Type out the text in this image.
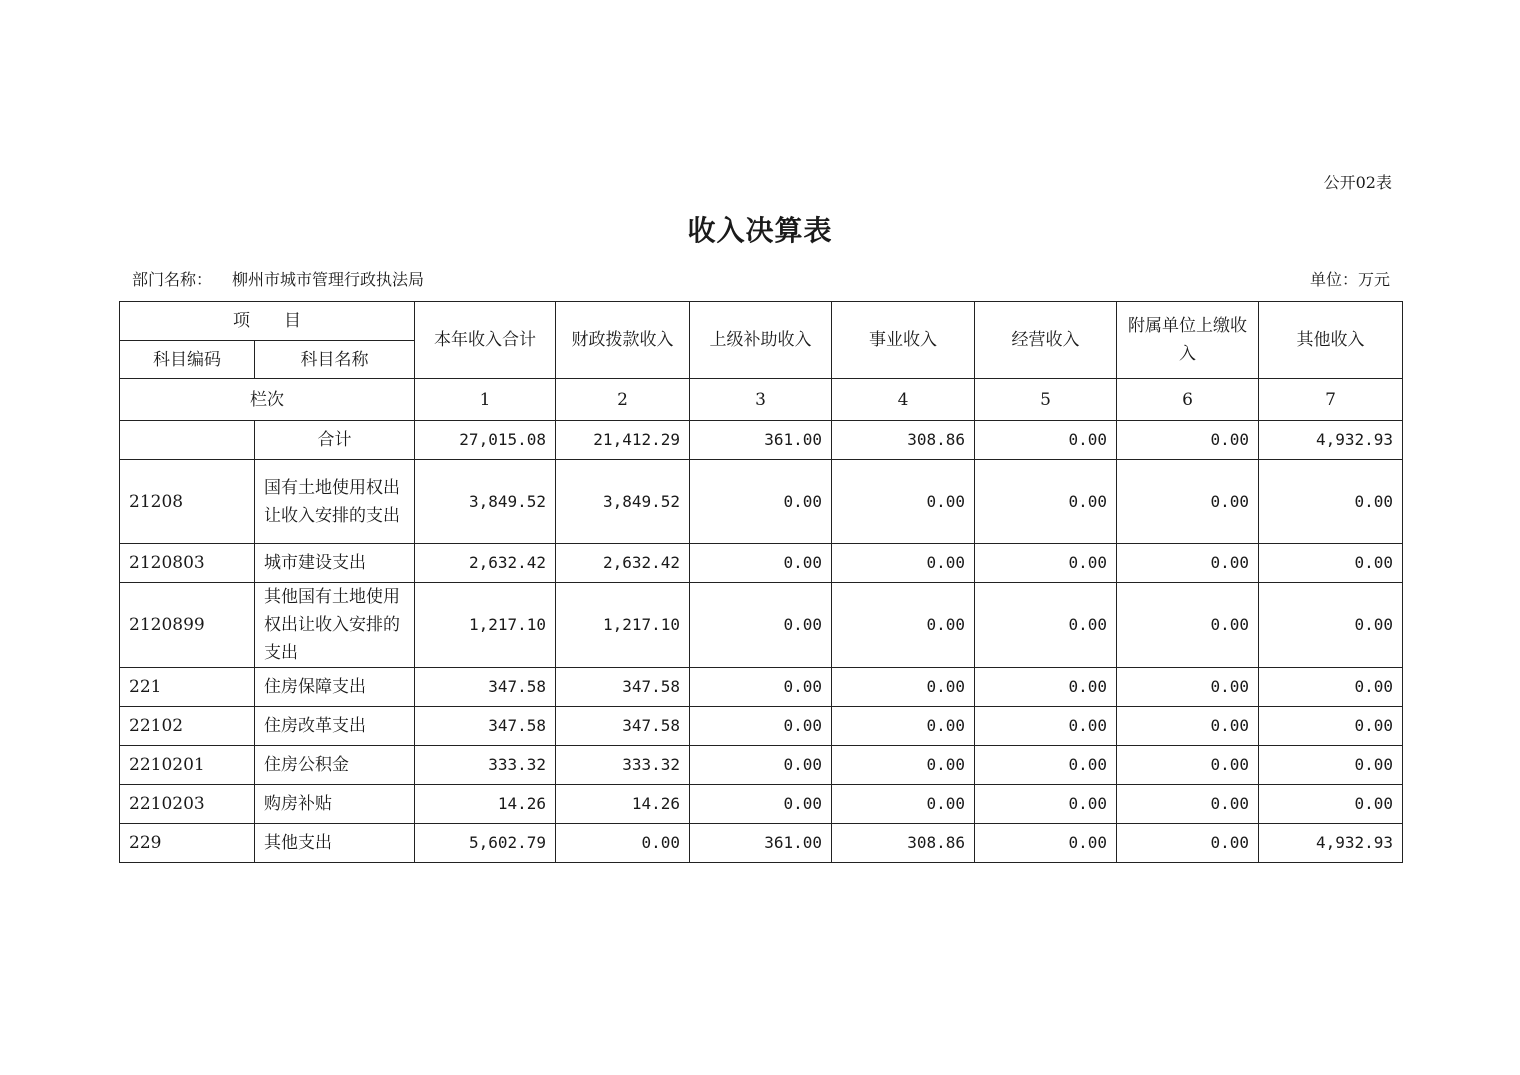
公开02表
收入决算表
部门名称： 柳州市城市管理行政执法局	单位：万元
项　　目		本年收入合计	财政拨款收入	上级补助收入	事业收入	经营收入	附属单位上缴收入	其他收入
科目编码	科目名称							
栏次		1	2	3	4	5	6	7
	合计	27,015.08	21,412.29	361.00	308.86	0.00	0.00	4,932.93
21208	国有土地使用权出让收入安排的支出	3,849.52	3,849.52	0.00	0.00	0.00	0.00	0.00
2120803	城市建设支出	2,632.42	2,632.42	0.00	0.00	0.00	0.00	0.00
2120899	其他国有土地使用权出让收入安排的支出	1,217.10	1,217.10	0.00	0.00	0.00	0.00	0.00
221	住房保障支出	347.58	347.58	0.00	0.00	0.00	0.00	0.00
22102	住房改革支出	347.58	347.58	0.00	0.00	0.00	0.00	0.00
2210201	住房公积金	333.32	333.32	0.00	0.00	0.00	0.00	0.00
2210203	购房补贴	14.26	14.26	0.00	0.00	0.00	0.00	0.00
229	其他支出	5,602.79	0.00	361.00	308.86	0.00	0.00	4,932.93
